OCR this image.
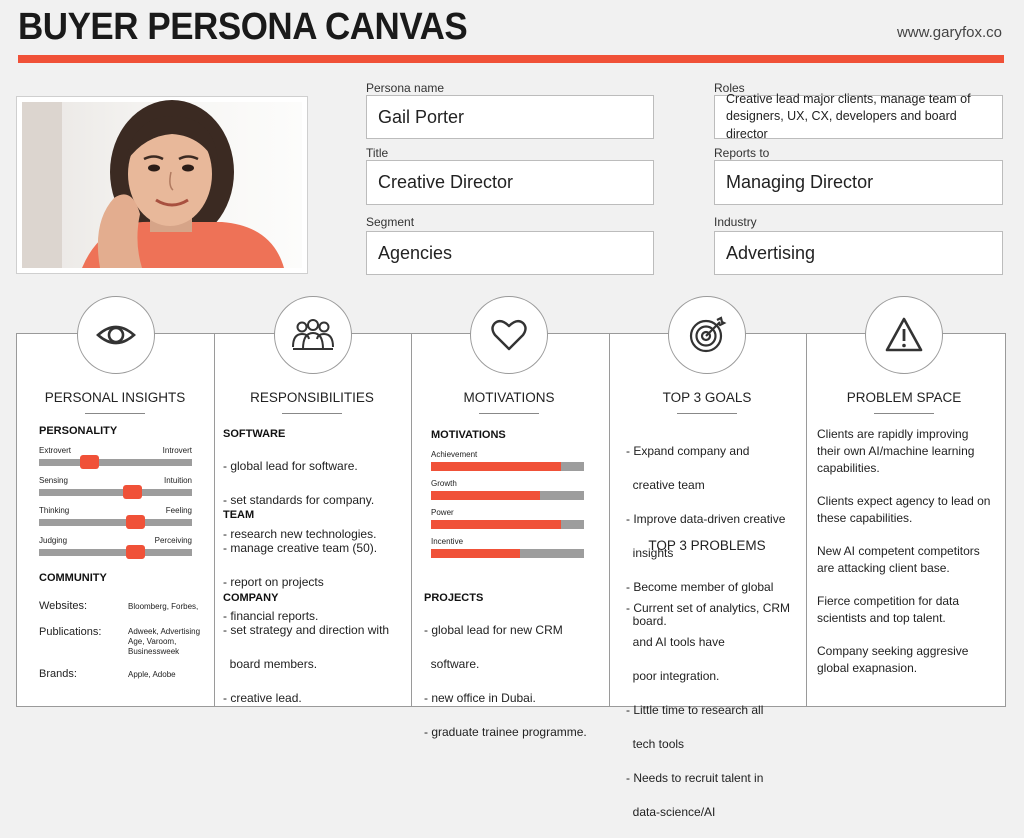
BUYER PERSONA CANVAS	www.garyfox.co
Persona name
Gail Porter
Roles
Creative lead major clients, manage team of designers, UX, CX, developers and board director
Title
Creative Director
Reports to
Managing Director
Segment
Agencies
Industry
Advertising
PERSONAL INSIGHTS	RESPONSIBILITIES	MOTIVATIONS	TOP 3 GOALS	PROBLEM SPACE
PERSONALITY
COMMUNITY
Websites:	Bloomberg, Forbes,
Publications:	Adweek, Advertising Age, Varoom, Businessweek
Brands:	Apple, Adobe
SOFTWARE

- global lead for software.

- set standards for company.

- research new technologies.

TEAM

- manage creative team (50).

- report on projects

- financial reports.

COMPANY

- set strategy and direction with

board members.

- creative lead.

MOTIVATIONS
PROJECTS

- global lead for new CRM

software.

- new office in Dubai.

- graduate trainee programme.

- Expand company and

creative team

- Improve data-driven creative

insights

- Become member of global

board.

TOP 3 PROBLEMS

- Current set of analytics, CRM

and AI tools have

poor integration.

- Little time to research all

tech tools

- Needs to recruit talent in

data-science/AI

Clients are rapidly improving their own AI/machine learning capabilities.
Clients expect agency to lead on these capabilities.
New AI competent competitors are attacking client base.
Fierce competition for data scientists and top talent.
Company seeking aggresive global exapnasion.
Extrovert	Introvert
Sensing	Intuition
Thinking	Feeling
Judging	Perceiving
Achievement
Growth
Power
Incentive
